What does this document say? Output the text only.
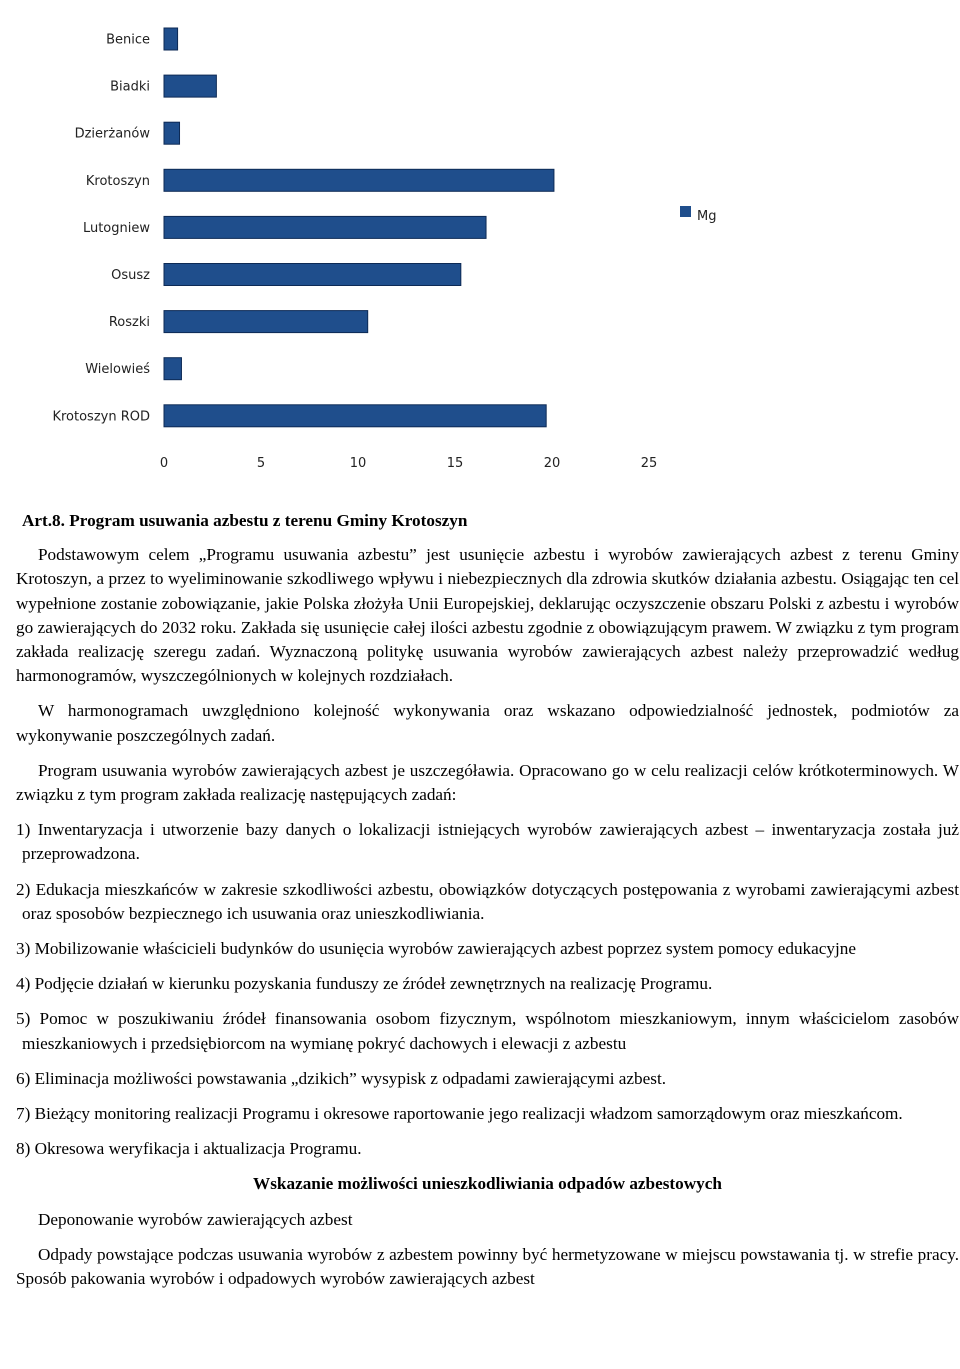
Benice
Biadki
Dzierżanów
Krotoszyn
Lutogniew
Osusz
Roszki
Wielowieś
Krotoszyn ROD
0	5	10	15	20	25
Mg

Art.8. Program usuwania azbestu z terenu Gminy Krotoszyn

Podstawowym celem „Programu usuwania azbestu” jest usunięcie azbestu i wyrobów zawierających azbest z terenu Gminy Krotoszyn, a przez to wyeliminowanie szkodliwego wpływu i niebezpiecznych dla zdrowia skutków działania azbestu. Osiągając ten cel wypełnione zostanie zobowiązanie, jakie Polska złożyła Unii Europejskiej, deklarując oczyszczenie obszaru Polski z azbestu i wyrobów go zawierających do 2032 roku. Zakłada się usunięcie całej ilości azbestu zgodnie z obowiązującym prawem. W związku z tym program zakłada realizację szeregu zadań. Wyznaczoną politykę usuwania wyrobów zawierających azbest należy przeprowadzić według harmonogramów, wyszczególnionych w kolejnych rozdziałach.

W harmonogramach uwzględniono kolejność wykonywania oraz wskazano odpowiedzialność jednostek, podmiotów za wykonywanie poszczególnych zadań.

Program usuwania wyrobów zawierających azbest je uszczegóławia. Opracowano go w celu realizacji celów krótkoterminowych. W związku z tym program zakłada realizację następujących zadań:

1) Inwentaryzacja i utworzenie bazy danych o lokalizacji istniejących wyrobów zawierających azbest – inwentaryzacja została już przeprowadzona.

2) Edukacja mieszkańców w zakresie szkodliwości azbestu, obowiązków dotyczących postępowania z wyrobami zawierającymi azbest oraz sposobów bezpiecznego ich usuwania oraz unieszkodliwiania.

3) Mobilizowanie właścicieli budynków do usunięcia wyrobów zawierających azbest poprzez system pomocy edukacyjne

4) Podjęcie działań w kierunku pozyskania funduszy ze źródeł zewnętrznych na realizację Programu.

5) Pomoc w poszukiwaniu źródeł finansowania osobom fizycznym, wspólnotom mieszkaniowym, innym właścicielom zasobów mieszkaniowych i przedsiębiorcom na wymianę pokryć dachowych i elewacji z azbestu

6) Eliminacja możliwości powstawania „dzikich” wysypisk z odpadami zawierającymi azbest.

7) Bieżący monitoring realizacji Programu i okresowe raportowanie jego realizacji władzom samorządowym oraz mieszkańcom.

8) Okresowa weryfikacja i aktualizacja Programu.

Wskazanie możliwości unieszkodliwiania odpadów azbestowych

Deponowanie wyrobów zawierających azbest

Odpady powstające podczas usuwania wyrobów z azbestem powinny być hermetyzowane w miejscu powstawania tj. w strefie pracy. Sposób pakowania wyrobów i odpadowych wyrobów zawierających azbest
